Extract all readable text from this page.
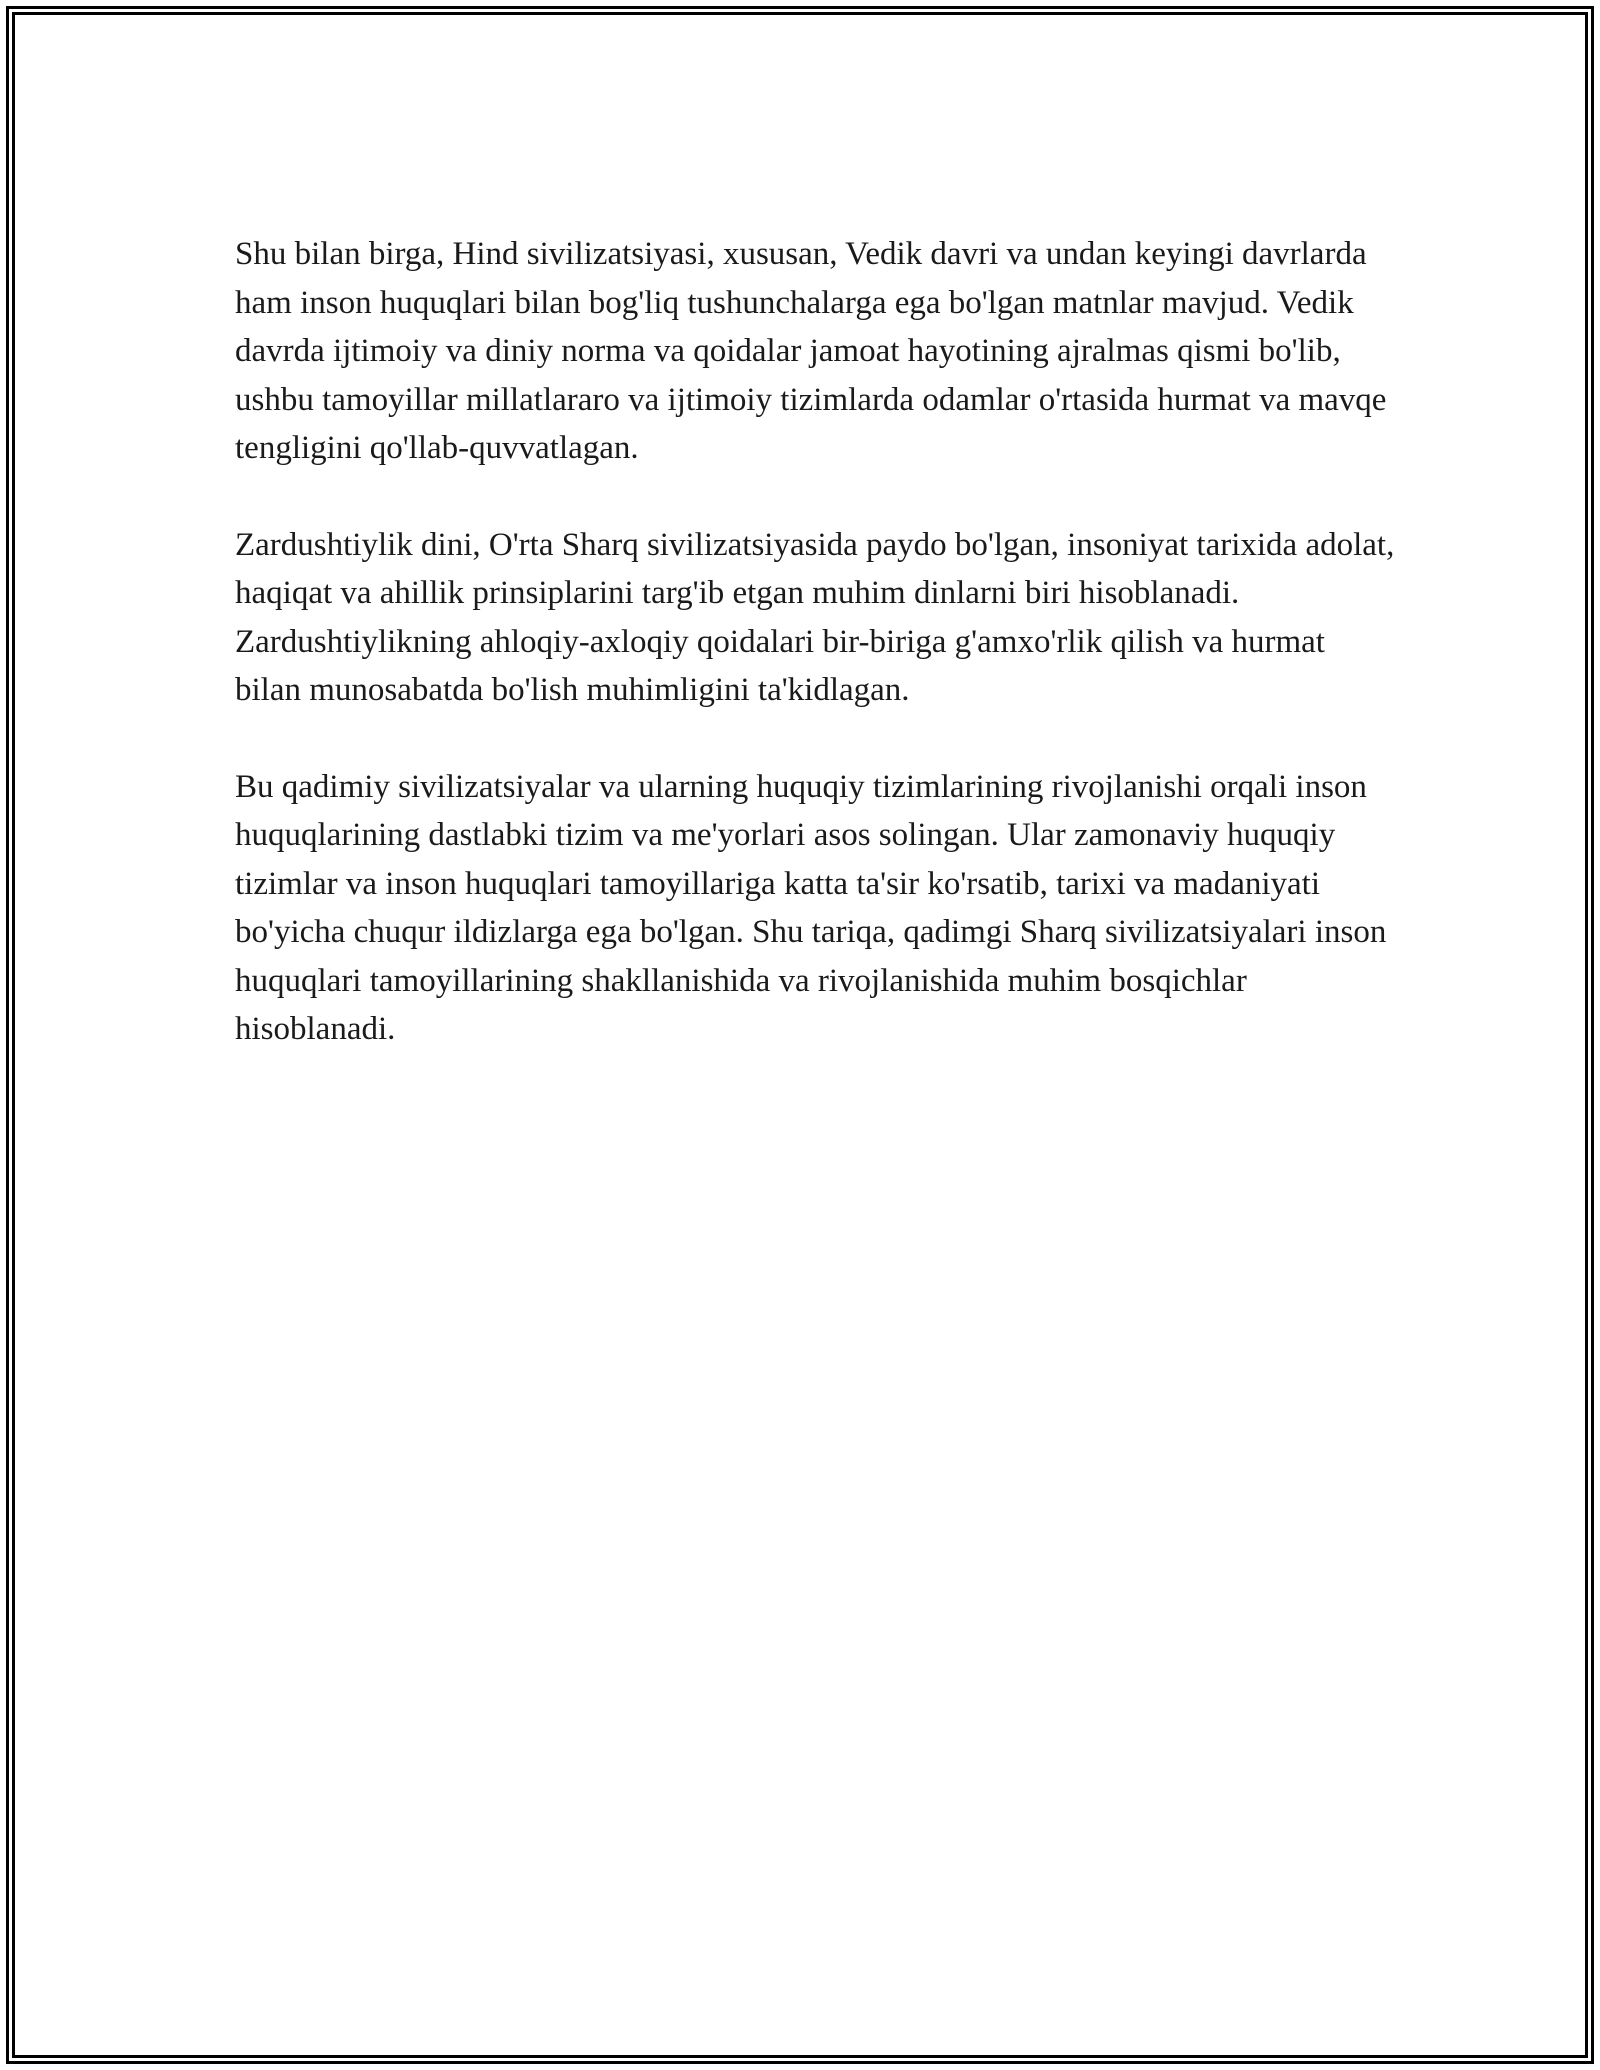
Shu bilan birga, Hind sivilizatsiyasi, xususan, Vedik davri va undan keyingi davrlarda ham inson huquqlari bilan bog'liq tushunchalarga ega bo'lgan matnlar mavjud. Vedik davrda ijtimoiy va diniy norma va qoidalar jamoat hayotining ajralmas qismi bo'lib, ushbu tamoyillar millatlararo va ijtimoiy tizimlarda odamlar o'rtasida hurmat va mavqe tengligini qo'llab-quvvatlagan.

Zardushtiylik dini, O'rta Sharq sivilizatsiyasida paydo bo'lgan, insoniyat tarixida adolat, haqiqat va ahillik prinsiplarini targ'ib etgan muhim dinlarni biri hisoblanadi. Zardushtiylikning ahloqiy-axloqiy qoidalari bir-biriga g'amxo'rlik qilish va hurmat bilan munosabatda bo'lish muhimligini ta'kidlagan.

Bu qadimiy sivilizatsiyalar va ularning huquqiy tizimlarining rivojlanishi orqali inson huquqlarining dastlabki tizim va me'yorlari asos solingan. Ular zamonaviy huquqiy tizimlar va inson huquqlari tamoyillariga katta ta'sir ko'rsatib, tarixi va madaniyati bo'yicha chuqur ildizlarga ega bo'lgan. Shu tariqa, qadimgi Sharq sivilizatsiyalari inson huquqlari tamoyillarining shakllanishida va rivojlanishida muhim bosqichlar hisoblanadi.
